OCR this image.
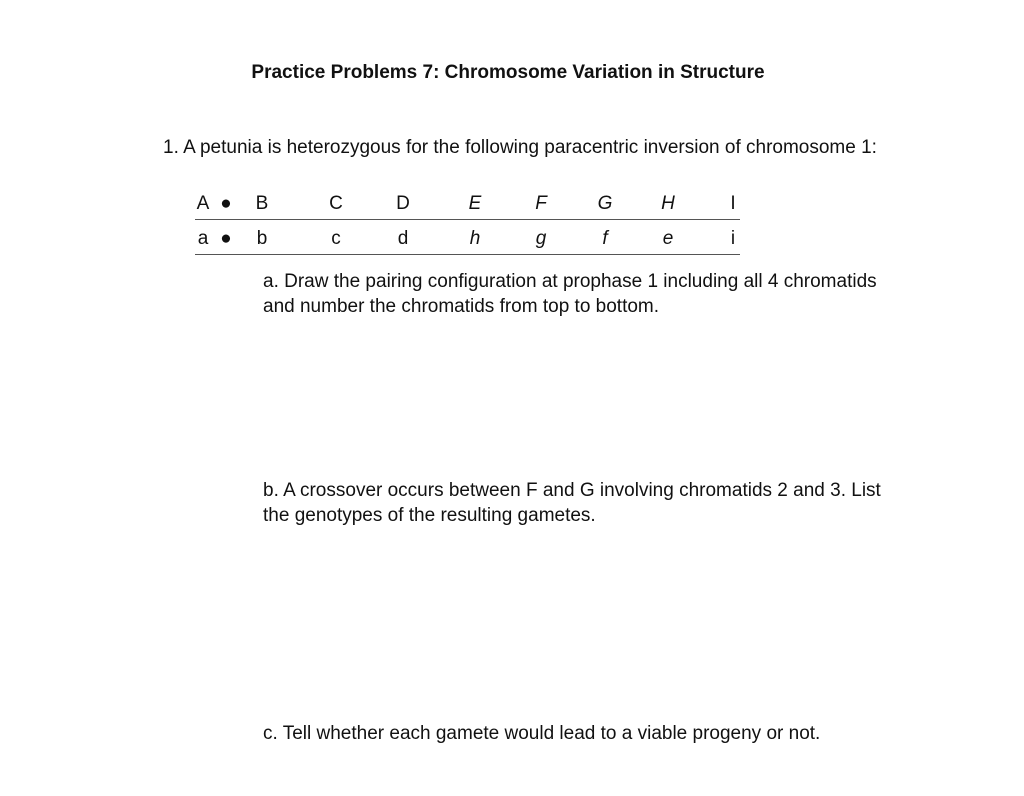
Practice Problems 7: Chromosome Variation in Structure
1. A petunia is heterozygous for the following paracentric inversion of chromosome 1:
A ● B	C	D	E	F	G	H	I
a ● b	c	d	h	g	f	e	i
a. Draw the pairing configuration at prophase 1 including all 4 chromatids and number the chromatids from top to bottom.
b. A crossover occurs between F and G involving chromatids 2 and 3. List the genotypes of the resulting gametes.
c. Tell whether each gamete would lead to a viable progeny or not.
